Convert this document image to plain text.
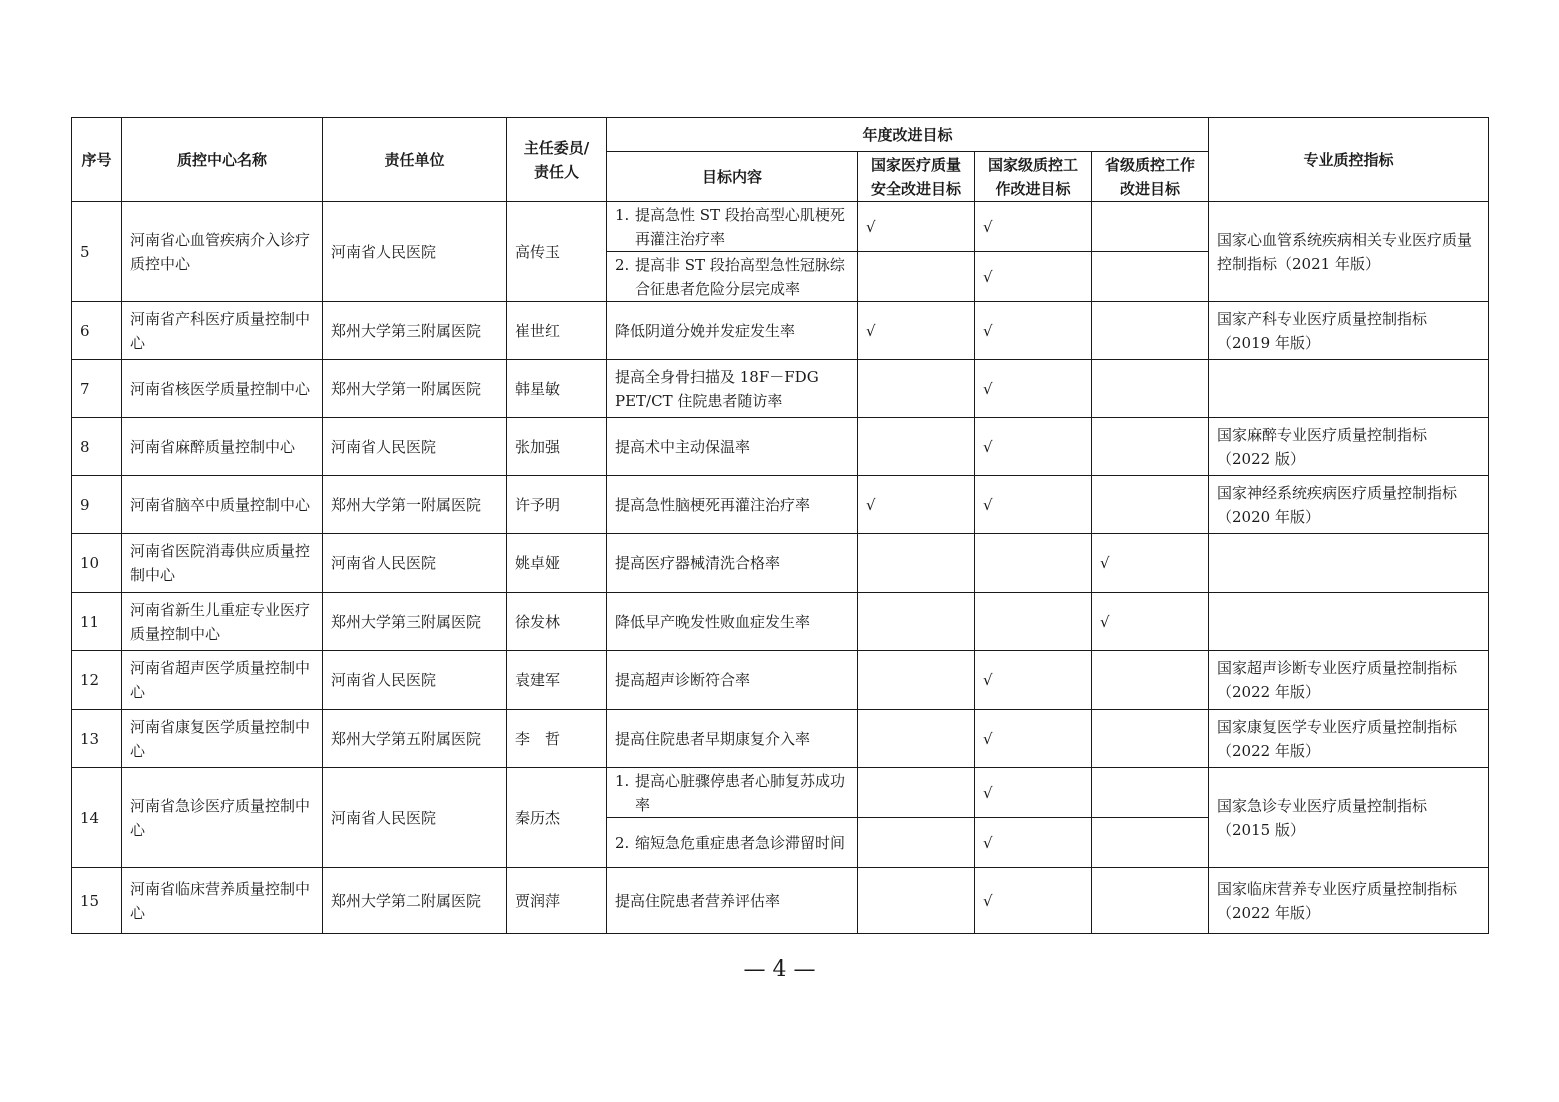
序号	质控中心名称	责任单位	主任委员/责任人	年度改进目标				专业质控指标
				目标内容	国家医疗质量安全改进目标	国家级质控工作改进目标	省级质控工作改进目标	
5	河南省心血管疾病介入诊疗质控中心	河南省人民医院	高传玉	1. 提高急性 ST 段抬高型心肌梗死再灌注治疗率	√	√		国家心血管系统疾病相关专业医疗质量控制指标（2021 年版）

				2. 提高非 ST 段抬高型急性冠脉综合征患者危险分层完成率		√		
6	河南省产科医疗质量控制中心	郑州大学第三附属医院	崔世红	降低阴道分娩并发症发生率	√	√		国家产科专业医疗质量控制指标（2019 年版）
7	河南省核医学质量控制中心	郑州大学第一附属医院	韩星敏	提高全身骨扫描及 18F－FDG PET/CT 住院患者随访率		√		
8	河南省麻醉质量控制中心	河南省人民医院	张加强	提高术中主动保温率		√		国家麻醉专业医疗质量控制指标（2022 版）
9	河南省脑卒中质量控制中心	郑州大学第一附属医院	许予明	提高急性脑梗死再灌注治疗率	√	√		国家神经系统疾病医疗质量控制指标（2020 年版）
10	河南省医院消毒供应质量控制中心	河南省人民医院	姚卓娅	提高医疗器械清洗合格率			√	
11	河南省新生儿重症专业医疗质量控制中心	郑州大学第三附属医院	徐发林	降低早产晚发性败血症发生率			√	
12	河南省超声医学质量控制中心	河南省人民医院	袁建军	提高超声诊断符合率		√		国家超声诊断专业医疗质量控制指标（2022 年版）
13	河南省康复医学质量控制中心	郑州大学第五附属医院	李　哲	提高住院患者早期康复介入率		√		国家康复医学专业医疗质量控制指标（2022 年版）
14	河南省急诊医疗质量控制中心	河南省人民医院	秦历杰	1. 提高心脏骤停患者心肺复苏成功率		√		国家急诊专业医疗质量控制指标（2015 版）

				2. 缩短急危重症患者急诊滞留时间		√		
15	河南省临床营养质量控制中心	郑州大学第二附属医院	贾润萍	提高住院患者营养评估率		√		国家临床营养专业医疗质量控制指标（2022 年版）
— 4 —
